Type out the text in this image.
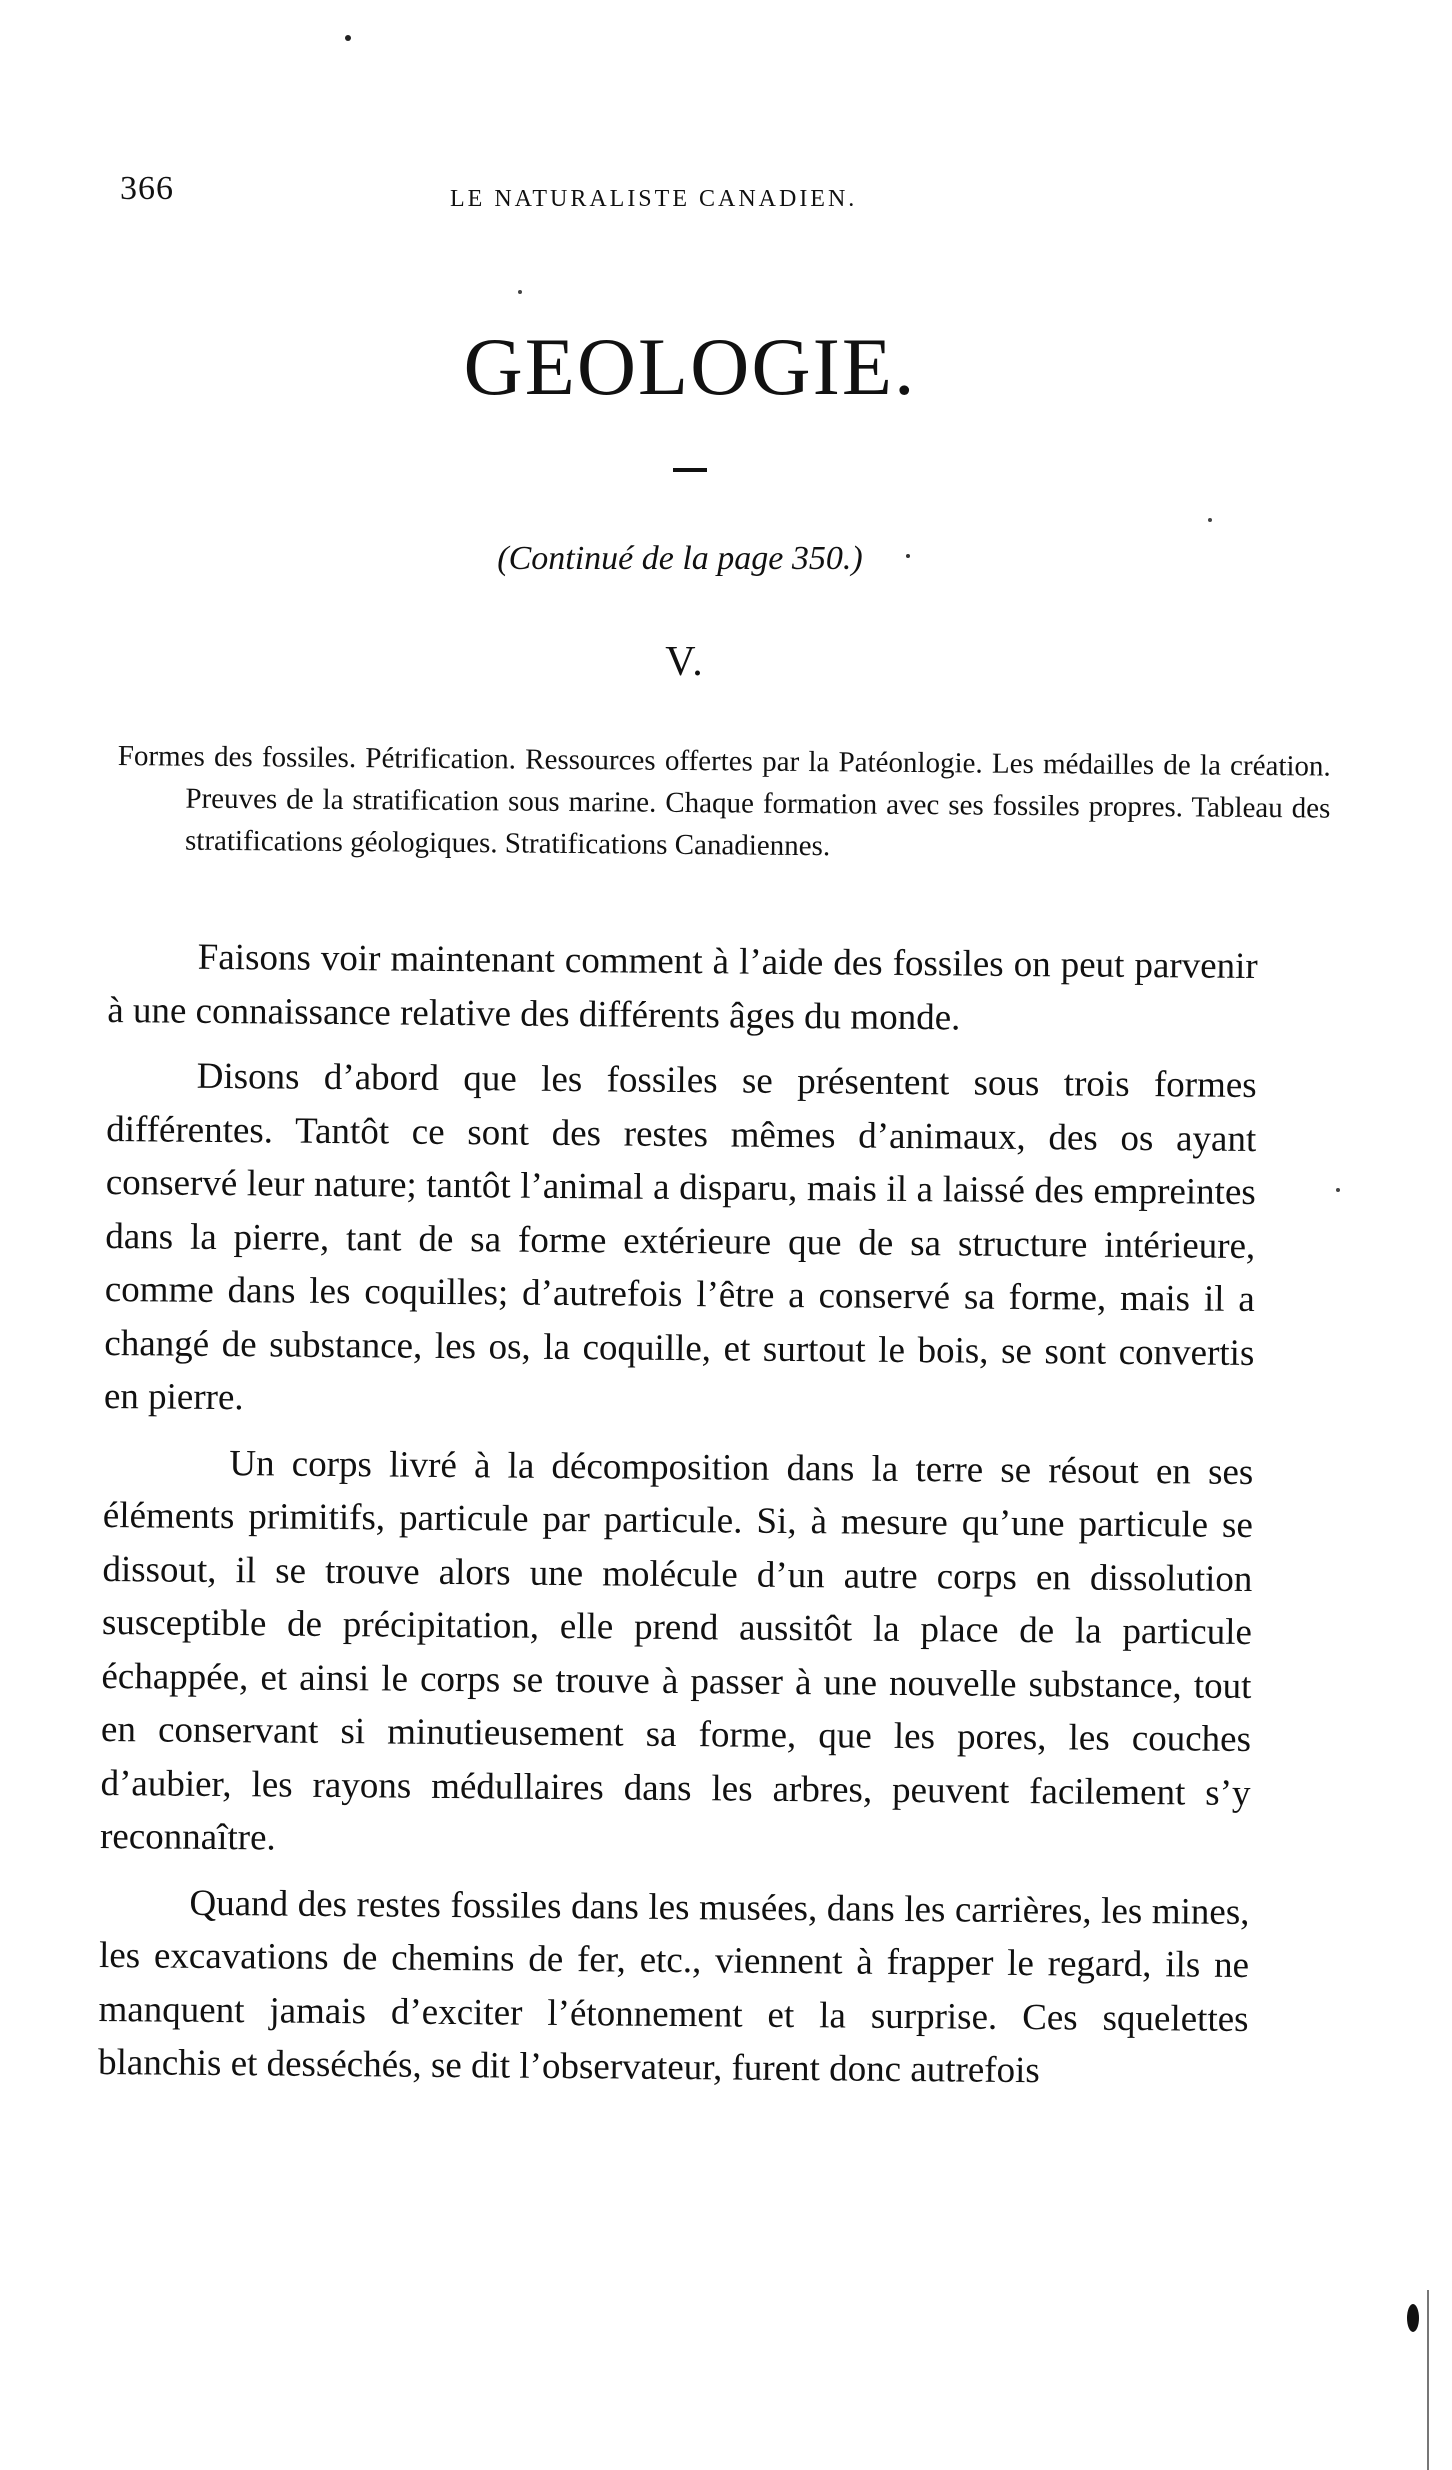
366	LE NATURALISTE CANADIEN.
GEOLOGIE.
(Continué de la page 350.)
V.
Formes des fossiles. Pétrification. Ressources offertes par la Patéonlogie. Les médailles de la création. Preuves de la stratification sous marine. Chaque formation avec ses fossiles propres. Tableau des stratifications géologiques. Stratifications Canadiennes.

Faisons voir maintenant comment à l’aide des fossiles on peut parvenir à une connaissance relative des différents âges du monde.

Disons d’abord que les fossiles se présentent sous trois formes différentes. Tantôt ce sont des restes mêmes d’animaux, des os ayant conservé leur nature; tantôt l’animal a disparu, mais il a laissé des empreintes dans la pierre, tant de sa forme extérieure que de sa structure intérieure, comme dans les coquilles; d’autrefois l’être a conservé sa forme, mais il a changé de substance, les os, la coquille, et surtout le bois, se sont convertis en pierre.

Un corps livré à la décomposition dans la terre se résout en ses éléments primitifs, particule par particule. Si, à mesure qu’une particule se dissout, il se trouve alors une molécule d’un autre corps en dissolution susceptible de précipitation, elle prend aussitôt la place de la particule échappée, et ainsi le corps se trouve à passer à une nouvelle substance, tout en conservant si minutieusement sa forme, que les pores, les couches d’aubier, les rayons médullaires dans les arbres, peuvent facilement s’y reconnaître.

Quand des restes fossiles dans les musées, dans les carrières, les mines, les excavations de chemins de fer, etc., viennent à frapper le regard, ils ne manquent jamais d’exciter l’étonnement et la surprise. Ces squelettes blanchis et desséchés, se dit l’observateur, furent donc autrefois
